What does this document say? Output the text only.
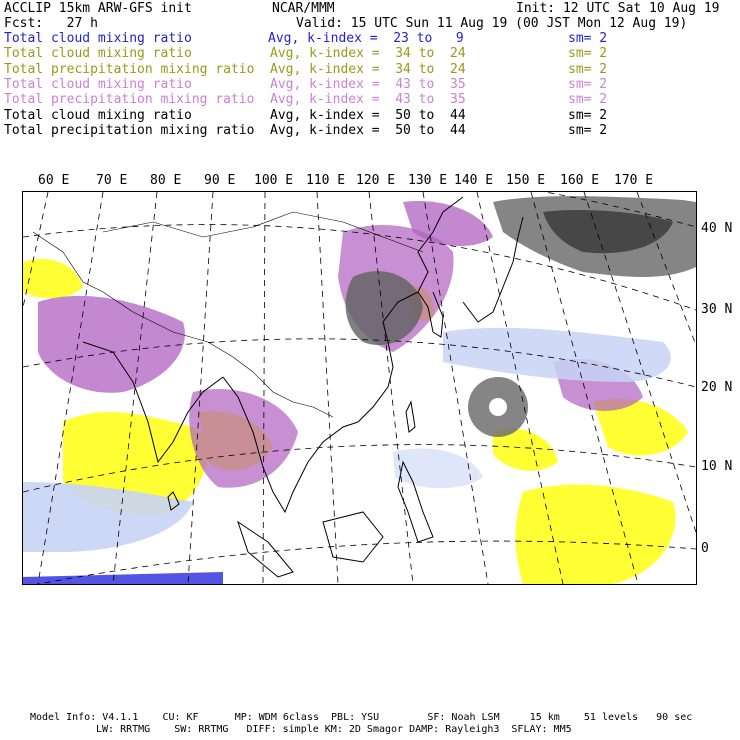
ACCLIP 15km ARW-GFS init	NCAR/MMM	Init: 12 UTC Sat 10 Aug 19
Fcst:   27 h	Valid: 15 UTC Sun 11 Aug 19 (00 JST Mon 12 Aug 19)
Total cloud mixing ratio	Avg, k-index =  23 to   9	sm= 2
Total cloud mixing ratio	Avg, k-index =  34 to  24	sm= 2
Total precipitation mixing ratio Avg, k-index =  34 to  24	sm= 2
Total cloud mixing ratio	Avg, k-index =  43 to  35	sm= 2
Total precipitation mixing ratio Avg, k-index =  43 to  35	sm= 2
Total cloud mixing ratio	Avg, k-index =  50 to  44	sm= 2
Total precipitation mixing ratio Avg, k-index =  50 to  44	sm= 2
60 E 70 E 80 E 90 E 100 E 110 E 120 E 130 E 140 E 150 E 160 E 170 E
40 N
30 N
20 N
10 N
0
Model Info: V4.1.1    CU: KF      MP: WDM 6class  PBL: YSU        SF: Noah LSM     15 km    51 levels   90 sec
LW: RRTMG    SW: RRTMG   DIFF: simple KM: 2D Smagor DAMP: Rayleigh3  SFLAY: MM5
